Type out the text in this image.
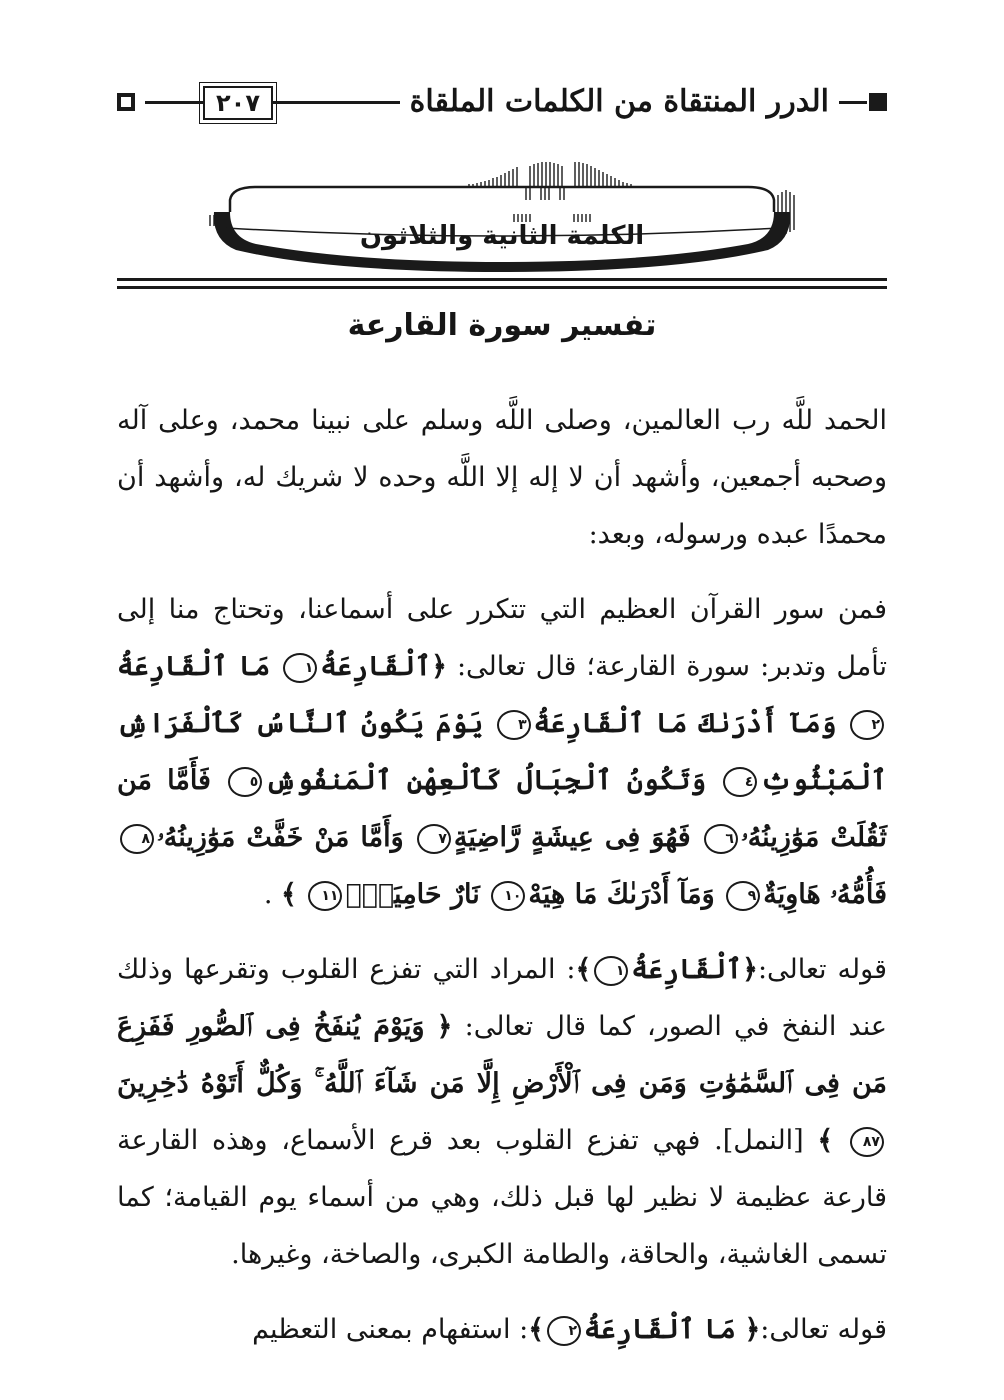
٢٠٧	الدرر المنتقاة من الكلمات الملقاة
الكلمة الثانية والثلاثون
تفسير سورة القارعة

الحمد للَّه رب العالمين، وصلى اللَّه وسلم على نبينا محمد، وعلى آله وصحبه أجمعين، وأشهد أن لا إله إلا اللَّه وحده لا شريك له، وأشهد أن محمدًا عبده ورسوله، وبعد:

فمن سور القرآن العظيم التي تتكرر على أسماعنا، وتحتاج منا إلى تأمل وتدبر: سورة القارعة؛ قال تعالى: ﴿ٱلْقَارِعَةُ١ مَا ٱلْقَارِعَةُ٢ وَمَآ أَدْرَىٰكَ مَا ٱلْقَارِعَةُ٣ يَوْمَ يَكُونُ ٱلنَّاسُ كَٱلْفَرَاشِ ٱلْمَبْثُوثِ٤ وَتَكُونُ ٱلْجِبَالُ كَٱلْعِهْنِ ٱلْمَنفُوشِ٥ فَأَمَّا مَن ثَقُلَتْ مَوَٰزِينُهُۥ٦ فَهُوَ فِى عِيشَةٍ رَّاضِيَةٍ٧ وَأَمَّا مَنْ خَفَّتْ مَوَٰزِينُهُۥ٨ فَأُمُّهُۥ هَاوِيَةٌ٩ وَمَآ أَدْرَىٰكَ مَا هِيَهْ١٠ نَارٌ حَامِيَةٌۢ١١ ﴾ .

قوله تعالى:﴿ٱلْقَارِعَةُ١﴾: المراد التي تفزع القلوب وتقرعها وذلك عند النفخ في الصور، كما قال تعالى: ﴿ وَيَوْمَ يُنفَخُ فِى ٱلصُّورِ فَفَزِعَ مَن فِى ٱلسَّمَٰوَٰتِ وَمَن فِى ٱلْأَرْضِ إِلَّا مَن شَآءَ ٱللَّهُ ۚ وَكُلٌّ أَتَوْهُ دَٰخِرِينَ٨٧ ﴾ [النمل]. فهي تفزع القلوب بعد قرع الأسماع، وهذه القارعة قارعة عظيمة لا نظير لها قبل ذلك، وهي من أسماء يوم القيامة؛ كما تسمى الغاشية، والحاقة، والطامة الكبرى، والصاخة، وغيرها.

قوله تعالى:﴿ مَا ٱلْقَارِعَةُ٢﴾: استفهام بمعنى التعظيم
